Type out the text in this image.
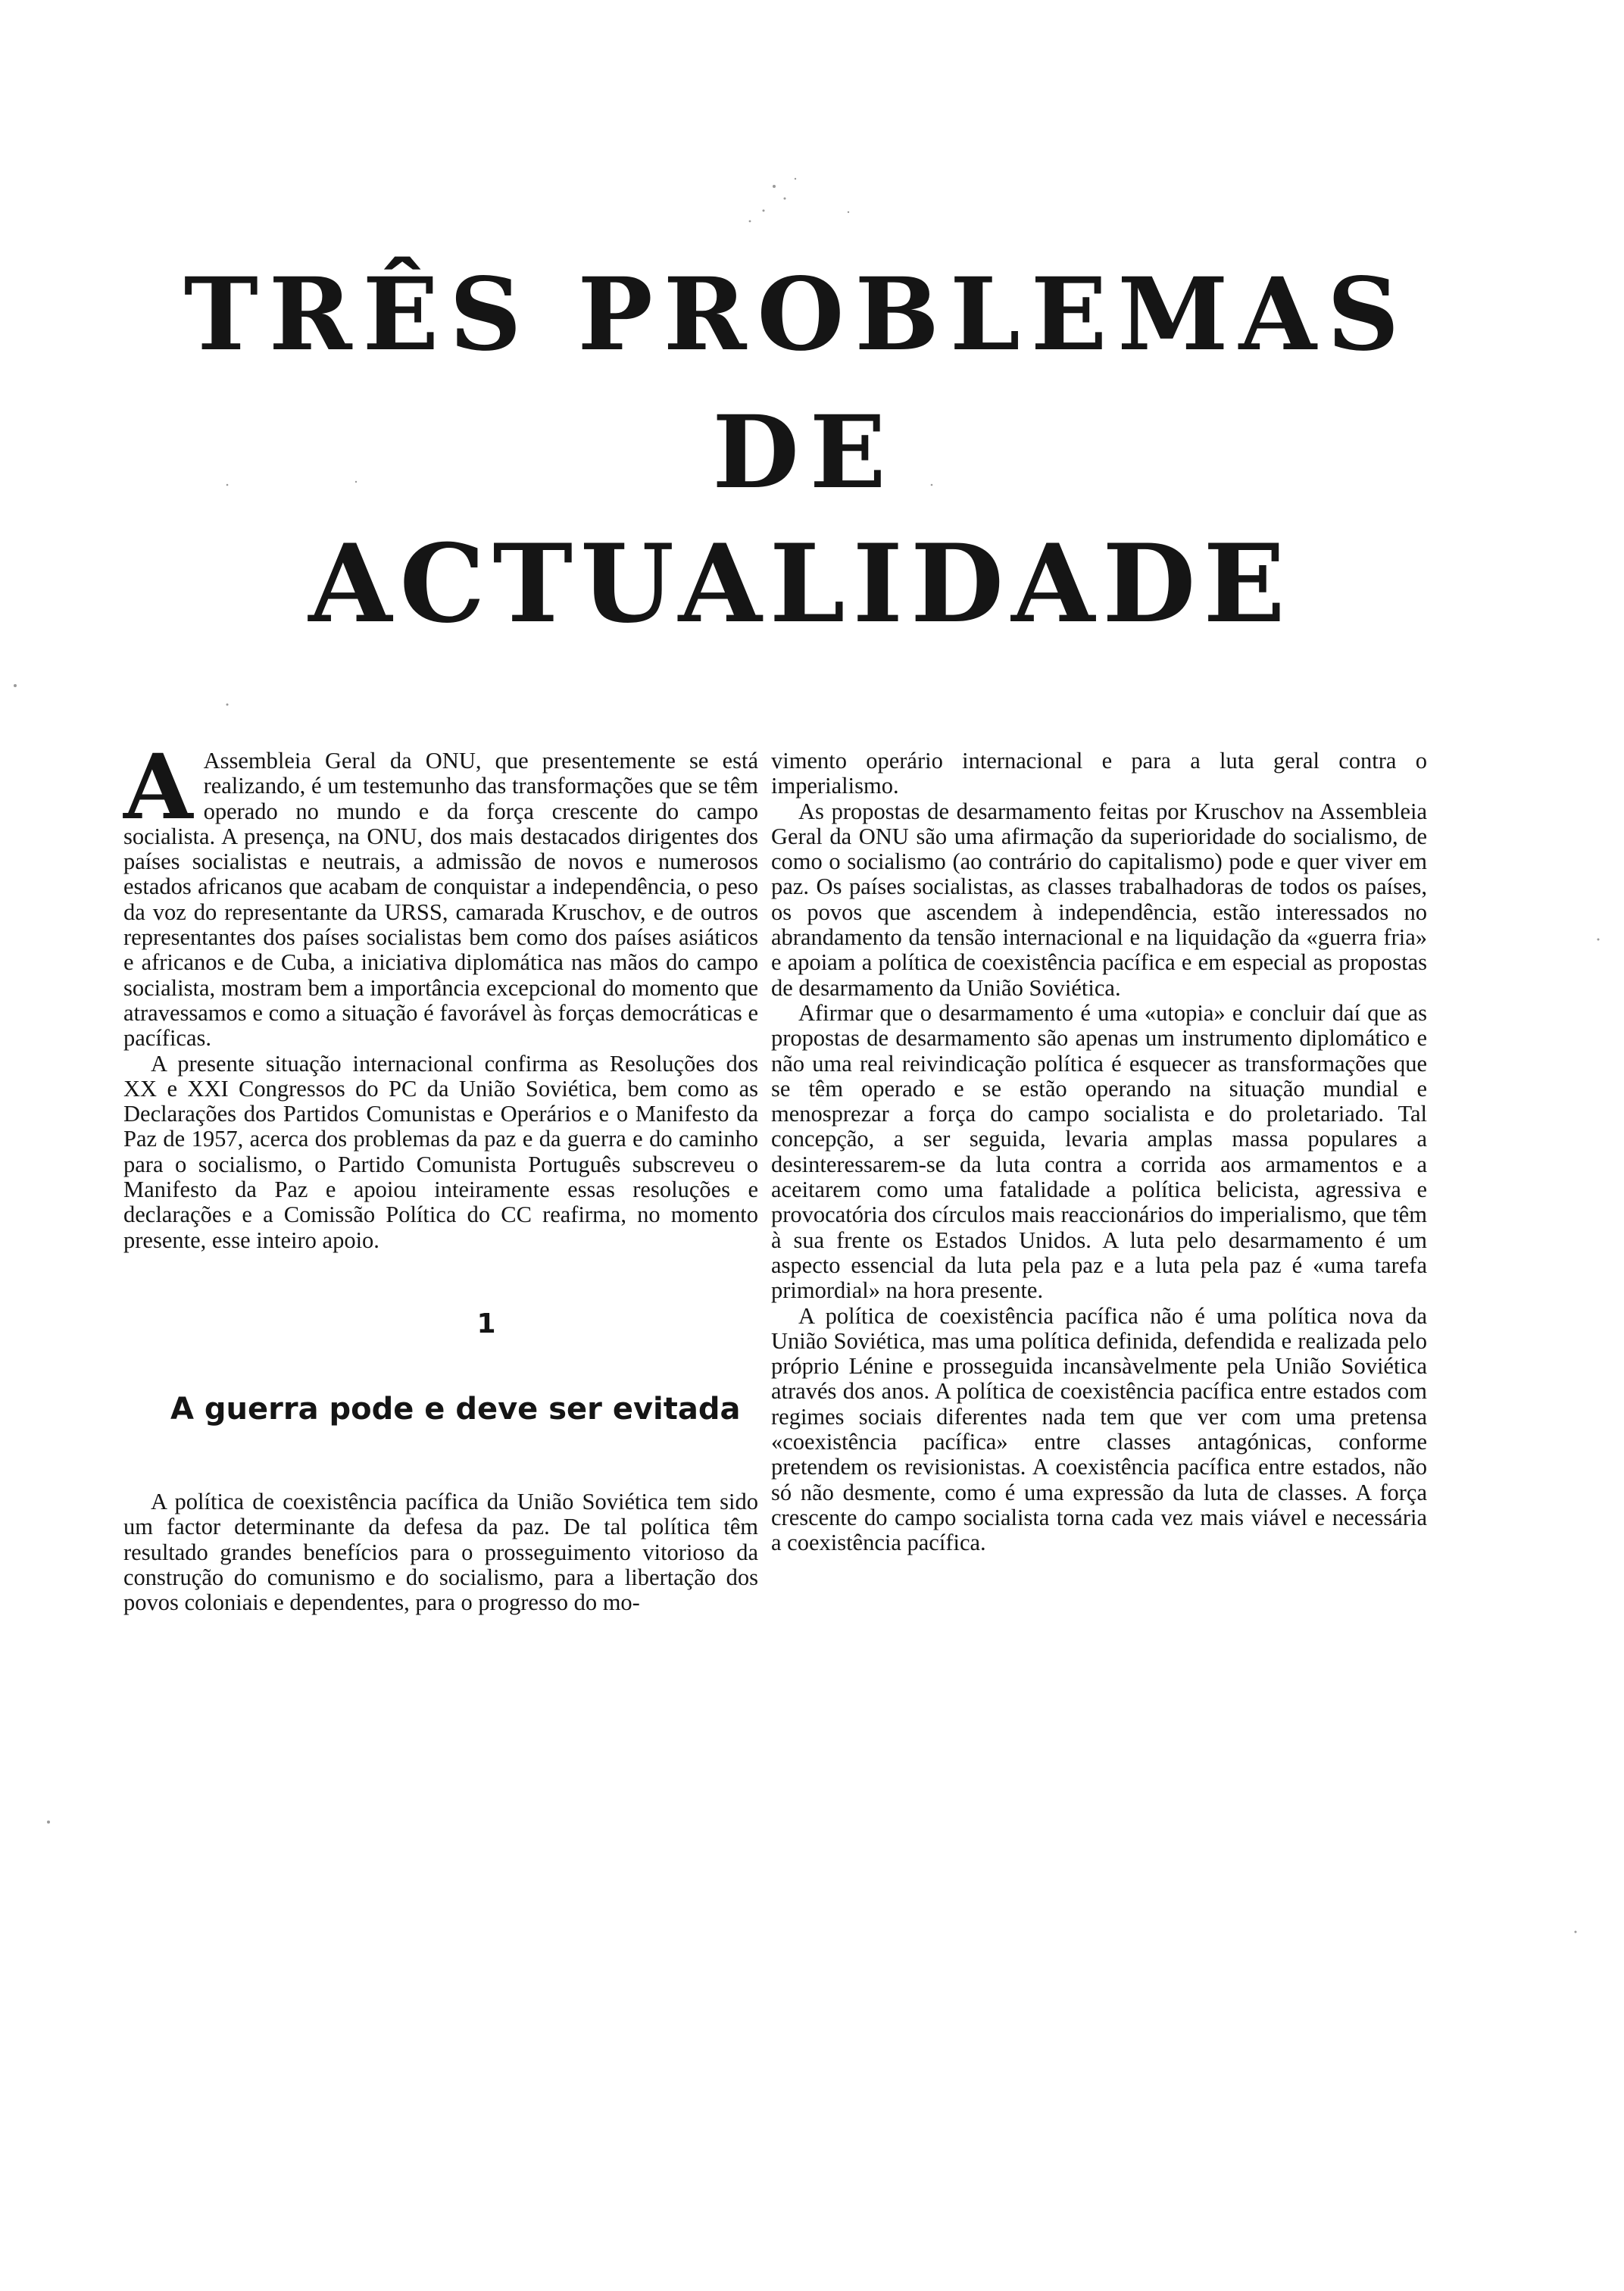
TRÊS PROBLEMAS
DE
ACTUALIDADE

A Assembleia Geral da ONU, que presentemente se está realizando, é um testemunho das transformações que se têm operado no mundo e da força crescente do campo socialista. A presença, na ONU, dos mais destacados dirigentes dos países socialistas e neutrais, a admissão de novos e numerosos estados africanos que acabam de conquistar a independência, o peso da voz do representante da URSS, camarada Kruschov, e de outros representantes dos países socialistas bem como dos países asiáticos e africanos e de Cuba, a iniciativa diplomática nas mãos do campo socialista, mostram bem a importância excepcional do momento que atravessamos e como a situação é favorável às forças democráticas e pacíficas.

A presente situação internacional confirma as Resoluções dos XX e XXI Congressos do PC da União Soviética, bem como as Declarações dos Partidos Comunistas e Operários e o Manifesto da Paz de 1957, acerca dos problemas da paz e da guerra e do caminho para o socialismo, o Partido Comunista Português subscreveu o Manifesto da Paz e apoiou inteiramente essas resoluções e declarações e a Comissão Política do CC reafirma, no momento presente, esse inteiro apoio.

1
A guerra pode e deve ser evitada

A política de coexistência pacífica da União Soviética tem sido um factor determinante da defesa da paz. De tal política têm resultado grandes benefícios para o prosseguimento vitorioso da construção do comunismo e do socialismo, para a libertação dos povos coloniais e dependentes, para o progresso do mo-

vimento operário internacional e para a luta geral contra o imperialismo.

As propostas de desarmamento feitas por Kruschov na Assembleia Geral da ONU são uma afirmação da superioridade do socialismo, de como o socialismo (ao contrário do capitalismo) pode e quer viver em paz. Os países socialistas, as classes trabalhadoras de todos os países, os povos que ascendem à independência, estão interessados no abrandamento da tensão internacional e na liquidação da «guerra fria» e apoiam a política de coexistência pacífica e em especial as propostas de desarmamento da União Soviética.

Afirmar que o desarmamento é uma «utopia» e concluir daí que as propostas de desarmamento são apenas um instrumento diplomático e não uma real reivindicação política é esquecer as transformações que se têm operado e se estão operando na situação mundial e menosprezar a força do campo socialista e do proletariado. Tal concepção, a ser seguida, levaria amplas massa populares a desinteressarem-se da luta contra a corrida aos armamentos e a aceitarem como uma fatalidade a política belicista, agressiva e provocatória dos círculos mais reaccionários do imperialismo, que têm à sua frente os Estados Unidos. A luta pelo desarmamento é um aspecto essencial da luta pela paz e a luta pela paz é «uma tarefa primordial» na hora presente.

A política de coexistência pacífica não é uma política nova da União Soviética, mas uma política definida, defendida e realizada pelo próprio Lénine e prosseguida incansàvelmente pela União Soviética através dos anos. A política de coexistência pacífica entre estados com regimes sociais diferentes nada tem que ver com uma pretensa «coexistência pacífica» entre classes antagónicas, conforme pretendem os revisionistas. A coexistência pacífica entre estados, não só não desmente, como é uma expressão da luta de classes. A força crescente do campo socialista torna cada vez mais viável e necessária a coexistência pacífica.
